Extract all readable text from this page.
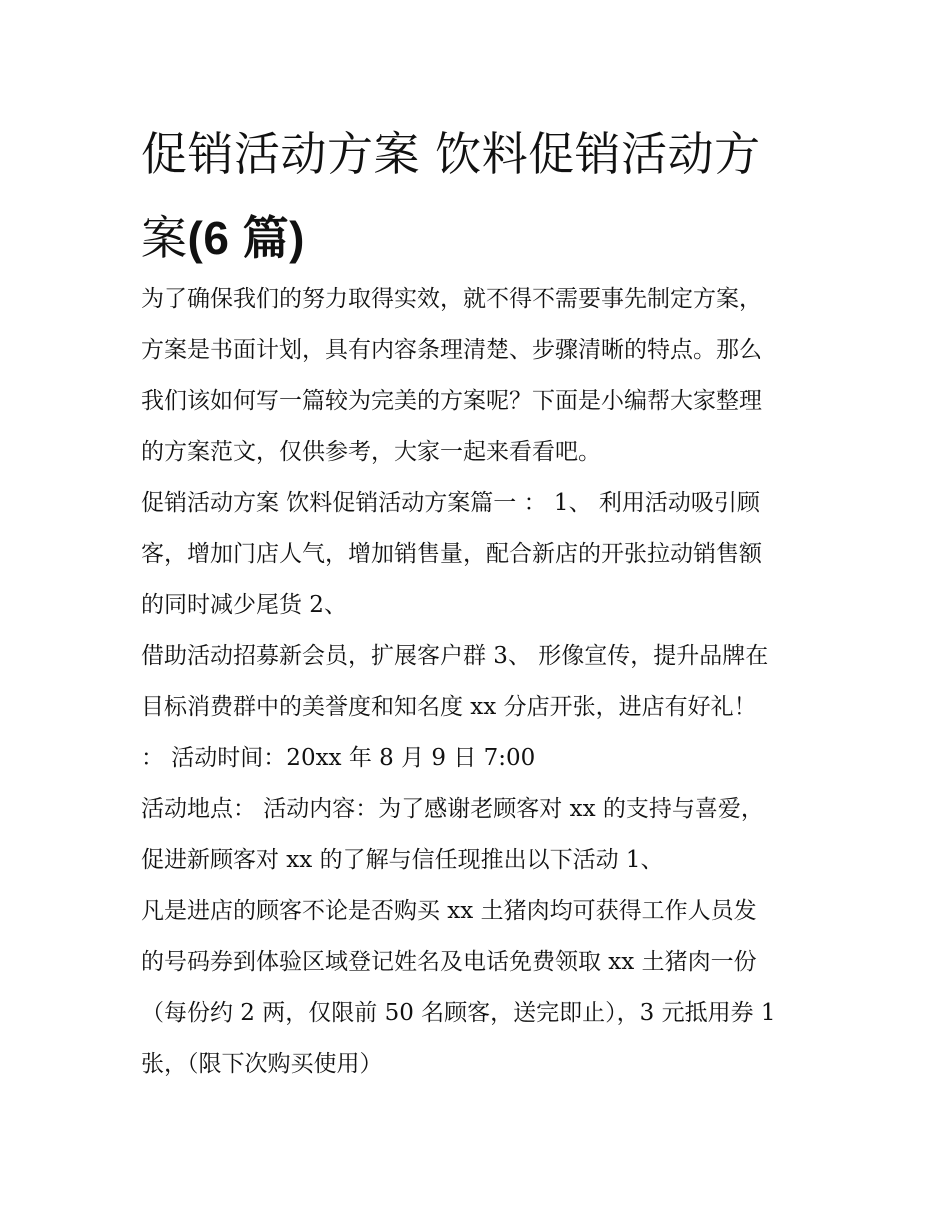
促销活动方案 饮料促销活动方
案(6 篇)

为了确保我们的努力取得实效，就不得不需要事先制定方案，
方案是书面计划，具有内容条理清楚、步骤清晰的特点。那么
我们该如何写一篇较为完美的方案呢？下面是小编帮大家整理
的方案范文，仅供参考，大家一起来看看吧。

促销活动方案 饮料促销活动方案篇一 ： 1、 利用活动吸引顾
客，增加门店人气，增加销售量，配合新店的开张拉动销售额
的同时减少尾货 2、

借助活动招募新会员，扩展客户群 3、 形像宣传，提升品牌在
目标消费群中的美誉度和知名度 xx 分店开张，进店有好礼！

： 活动时间：20xx 年 8 月 9 日 7:00

活动地点： 活动内容：为了感谢老顾客对 xx 的支持与喜爱，
促进新顾客对 xx 的了解与信任现推出以下活动 1、

凡是进店的顾客不论是否购买 xx 土猪肉均可获得工作人员发
的号码券到体验区域登记姓名及电话免费领取 xx 土猪肉一份
（每份约 2 两，仅限前 50 名顾客，送完即止），3 元抵用券 1
张，（限下次购买使用）
